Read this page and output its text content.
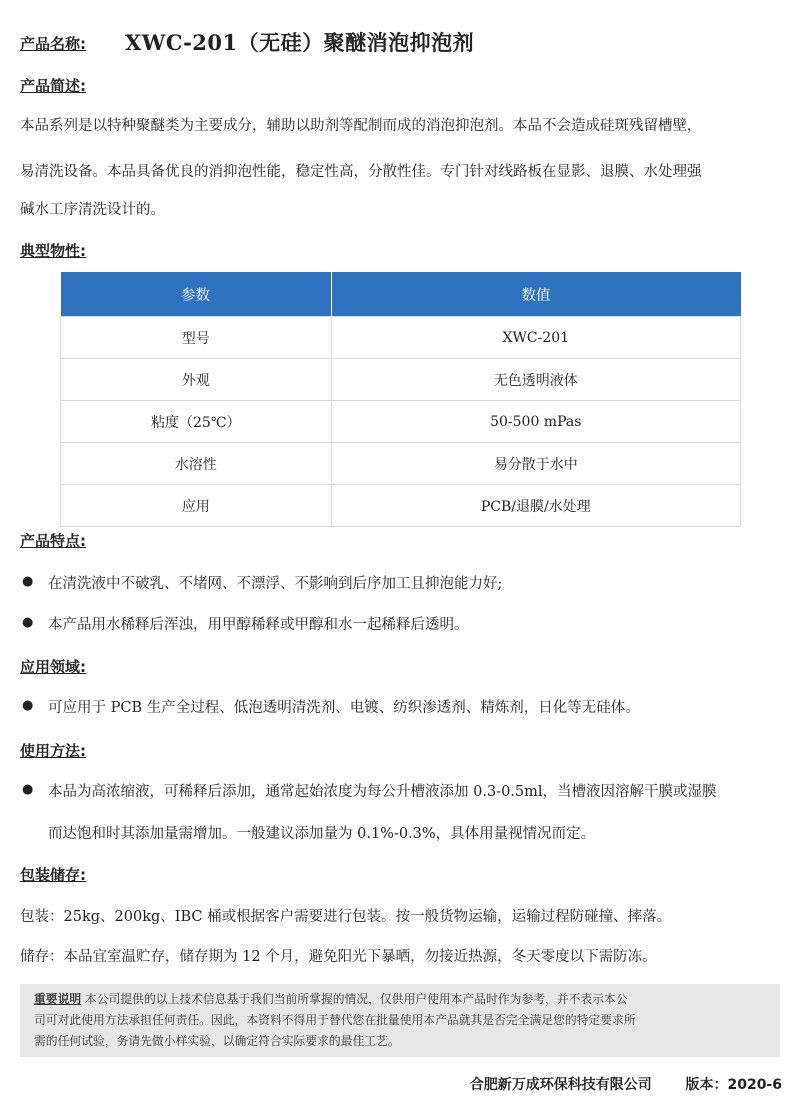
产品名称: XWC-201（无硅）聚醚消泡抑泡剂
产品简述:
本品系列是以特种聚醚类为主要成分，辅助以助剂等配制而成的消泡抑泡剂。本品不会造成硅斑残留槽壁，
易清洗设备。本品具备优良的消抑泡性能，稳定性高，分散性佳。专门针对线路板在显影、退膜、水处理强
碱水工序清洗设计的。
典型物性:
参数	数值
型号	XWC-201
外观	无色透明液体
粘度（25℃）	50-500 mPas
水溶性	易分散于水中
应用	PCB/退膜/水处理
产品特点:
● 在清洗液中不破乳、不堵网、不漂浮、不影响到后序加工且抑泡能力好;
● 本产品用水稀释后浑浊，用甲醇稀释或甲醇和水一起稀释后透明。
应用领域:
● 可应用于 PCB 生产全过程、低泡透明清洗剂、电镀、纺织渗透剂、精炼剂，日化等无硅体。
使用方法:
● 本品为高浓缩液，可稀释后添加，通常起始浓度为每公升槽液添加 0.3-0.5ml，当槽液因溶解干膜或湿膜
而达饱和时其添加量需增加。一般建议添加量为 0.1%-0.3%，具体用量视情况而定。
包装储存:
包装：25kg、200kg、IBC 桶或根据客户需要进行包装。按一般货物运输，运输过程防碰撞、摔落。
储存：本品宜室温贮存，储存期为 12 个月，避免阳光下暴晒，勿接近热源，冬天零度以下需防冻。
重要说明 本公司提供的以上技术信息基于我们当前所掌握的情况，仅供用户使用本产品时作为参考，并不表示本公
司可对此使用方法承担任何责任。因此，本资料不得用于替代您在批量使用本产品就其是否完全满足您的特定要求所
需的任何试验，务请先做小样实验，以确定符合实际要求的最佳工艺。
合肥新万成环保科技有限公司 版本：2020-6
